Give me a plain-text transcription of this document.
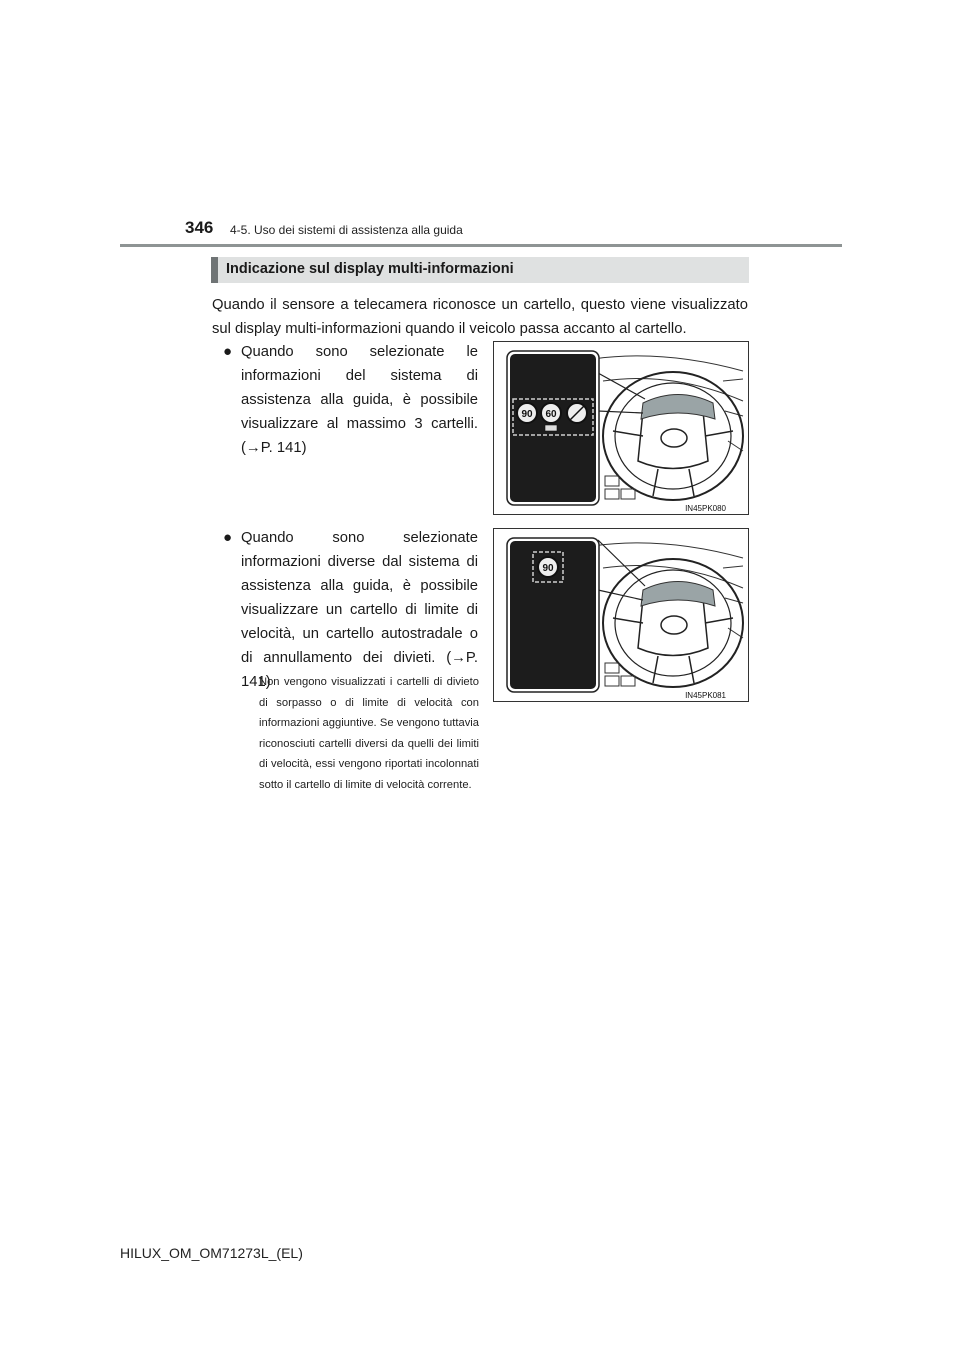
346 4-5. Uso dei sistemi di assistenza alla guida
Indicazione sul display multi-informazioni

Quando il sensore a telecamera riconosce un cartello, questo viene visualizzato sul display multi-informazioni quando il veicolo passa accanto al cartello.

● Quando sono selezionate le informazioni del sistema di assistenza alla guida, è possibile visualizzare al massimo 3 cartelli. (→P. 141)
● Quando sono selezionate informazioni diverse dal sistema di assistenza alla guida, è possibile visualizzare un cartello di limite di velocità, un cartello autostradale o di annullamento dei divieti. (→P. 141)

Non vengono visualizzati i cartelli di divieto di sorpasso o di limite di velocità con informazioni aggiuntive. Se vengono tuttavia riconosciuti cartelli diversi da quelli dei limiti di velocità, essi vengono riportati incolonnati sotto il cartello di limite di velocità corrente.

90 60
IN45PK080
90
IN45PK081
HILUX_OM_OM71273L_(EL)
